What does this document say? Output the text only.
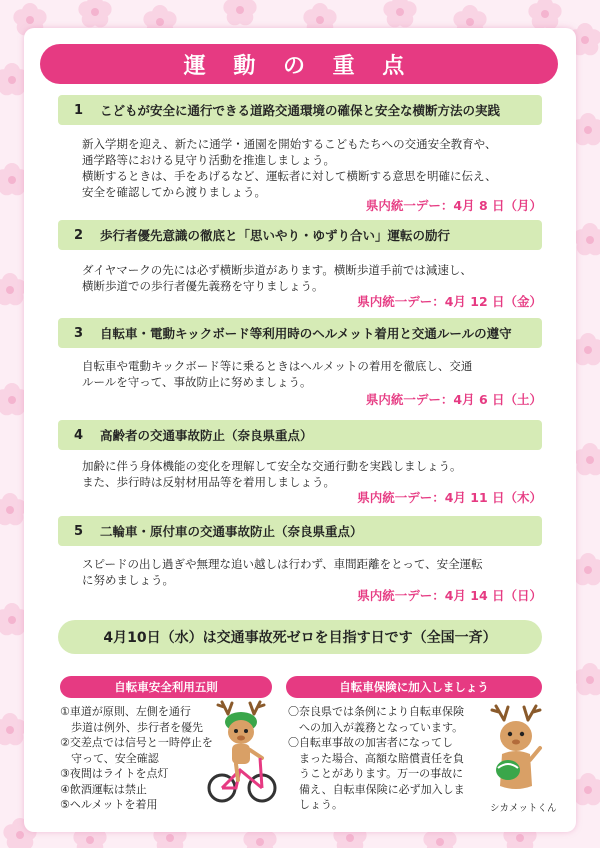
運 動 の 重 点
1	こどもが安全に通行できる道路交通環境の確保と安全な横断方法の実践
新入学期を迎え、新たに通学・通園を開始するこどもたちへの交通安全教育や、
通学路等における見守り活動を推進しましょう。
横断するときは、手をあげるなど、運転者に対して横断する意思を明確に伝え、
安全を確認してから渡りましょう。
県内統一デー：4月 8 日（月）
2	歩行者優先意識の徹底と「思いやり・ゆずり合い」運転の励行
ダイヤマークの先には必ず横断歩道があります。横断歩道手前では減速し、
横断歩道での歩行者優先義務を守りましょう。
県内統一デー：4月 12 日（金）
3	自転車・電動キックボード等利用時のヘルメット着用と交通ルールの遵守
自転車や電動キックボード等に乗るときはヘルメットの着用を徹底し、交通
ルールを守って、事故防止に努めましょう。
県内統一デー：4月 6 日（土）
4	高齢者の交通事故防止（奈良県重点）
加齢に伴う身体機能の変化を理解して安全な交通行動を実践しましょう。
また、歩行時は反射材用品等を着用しましょう。
県内統一デー：4月 11 日（木）
5	二輪車・原付車の交通事故防止（奈良県重点）
スピードの出し過ぎや無理な追い越しは行わず、車間距離をとって、安全運転
に努めましょう。
県内統一デー：4月 14 日（日）
4月10日（水）は交通事故死ゼロを目指す日です（全国一斉）
自転車安全利用五則
①車道が原則、左側を通行
　歩道は例外、歩行者を優先
②交差点では信号と一時停止を
　守って、安全確認
③夜間はライトを点灯
④飲酒運転は禁止
⑤ヘルメットを着用
自転車保険に加入しましょう
〇奈良県では条例により自転車保険
　への加入が義務となっています。
〇自転車事故の加害者になってし
　まった場合、高額な賠償責任を負
　うことがあります。万一の事故に
　備え、自転車保険に必ず加入しま
　しょう。	シカメットくん
